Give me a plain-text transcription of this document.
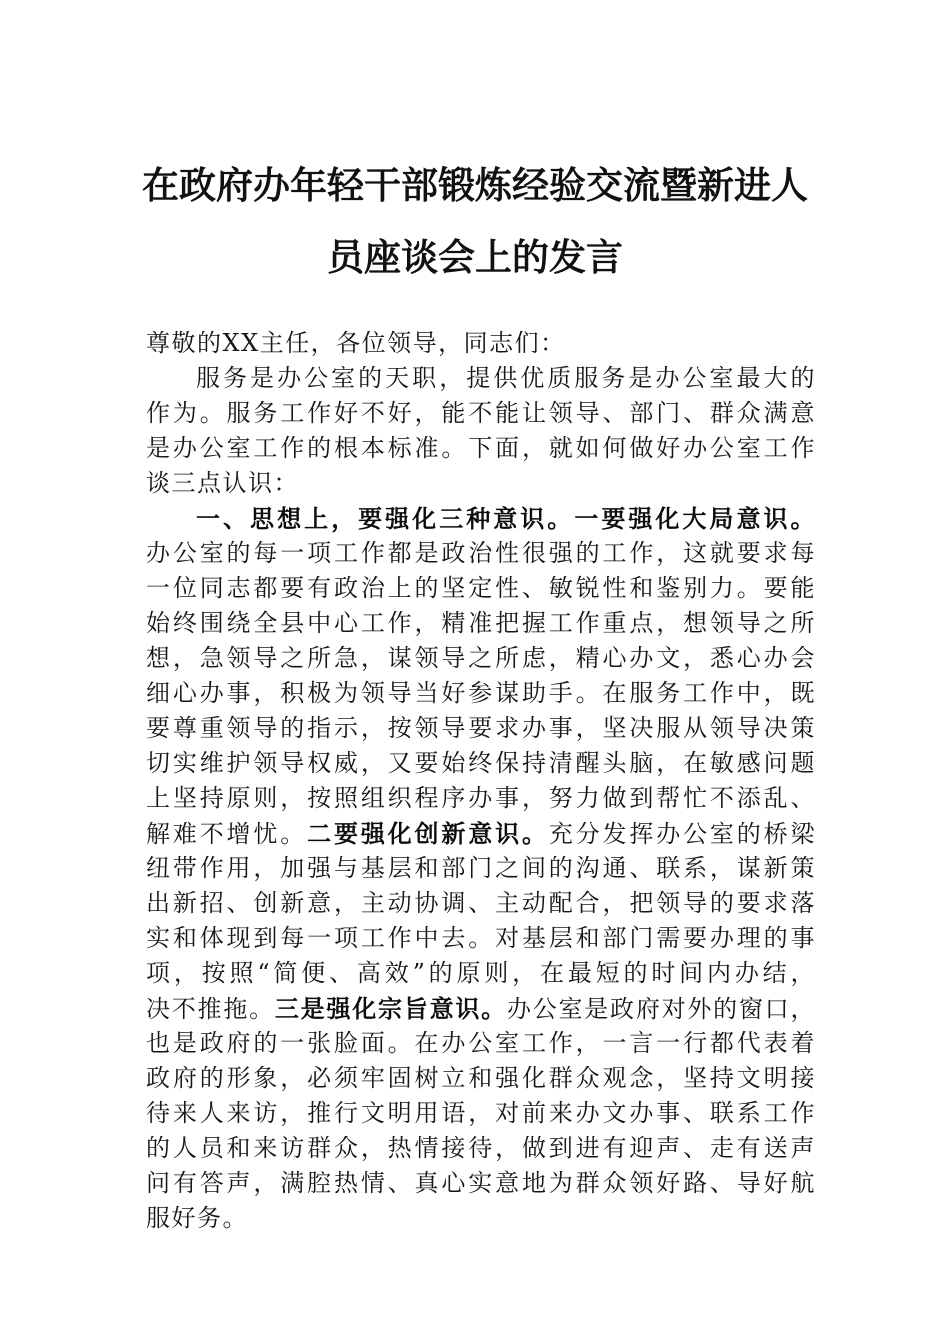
在政府办年轻干部锻炼经验交流暨新进人
员座谈会上的发言
尊敬的XX主任，各位领导，同志们：
服务是办公室的天职，提供优质服务是办公室最大的
作为。服务工作好不好，能不能让领导、部门、群众满意
是办公室工作的根本标准。下面，就如何做好办公室工作
谈三点认识：
一、思想上，要强化三种意识。一要强化大局意识。
办公室的每一项工作都是政治性很强的工作，这就要求每
一位同志都要有政治上的坚定性、敏锐性和鉴别力。要能
始终围绕全县中心工作，精准把握工作重点，想领导之所
想，急领导之所急，谋领导之所虑，精心办文，悉心办会
细心办事，积极为领导当好参谋助手。在服务工作中，既
要尊重领导的指示，按领导要求办事，坚决服从领导决策
切实维护领导权威，又要始终保持清醒头脑，在敏感问题
上坚持原则，按照组织程序办事，努力做到帮忙不添乱、
解难不增忧。二要强化创新意识。充分发挥办公室的桥梁
纽带作用，加强与基层和部门之间的沟通、联系，谋新策
出新招、创新意，主动协调、主动配合，把领导的要求落
实和体现到每一项工作中去。对基层和部门需要办理的事
项，按照“简便、高效”的原则，在最短的时间内办结，
决不推拖。三是强化宗旨意识。办公室是政府对外的窗口，
也是政府的一张脸面。在办公室工作，一言一行都代表着
政府的形象，必须牢固树立和强化群众观念，坚持文明接
待来人来访，推行文明用语，对前来办文办事、联系工作
的人员和来访群众，热情接待，做到进有迎声、走有送声
问有答声，满腔热情、真心实意地为群众领好路、导好航
服好务。
